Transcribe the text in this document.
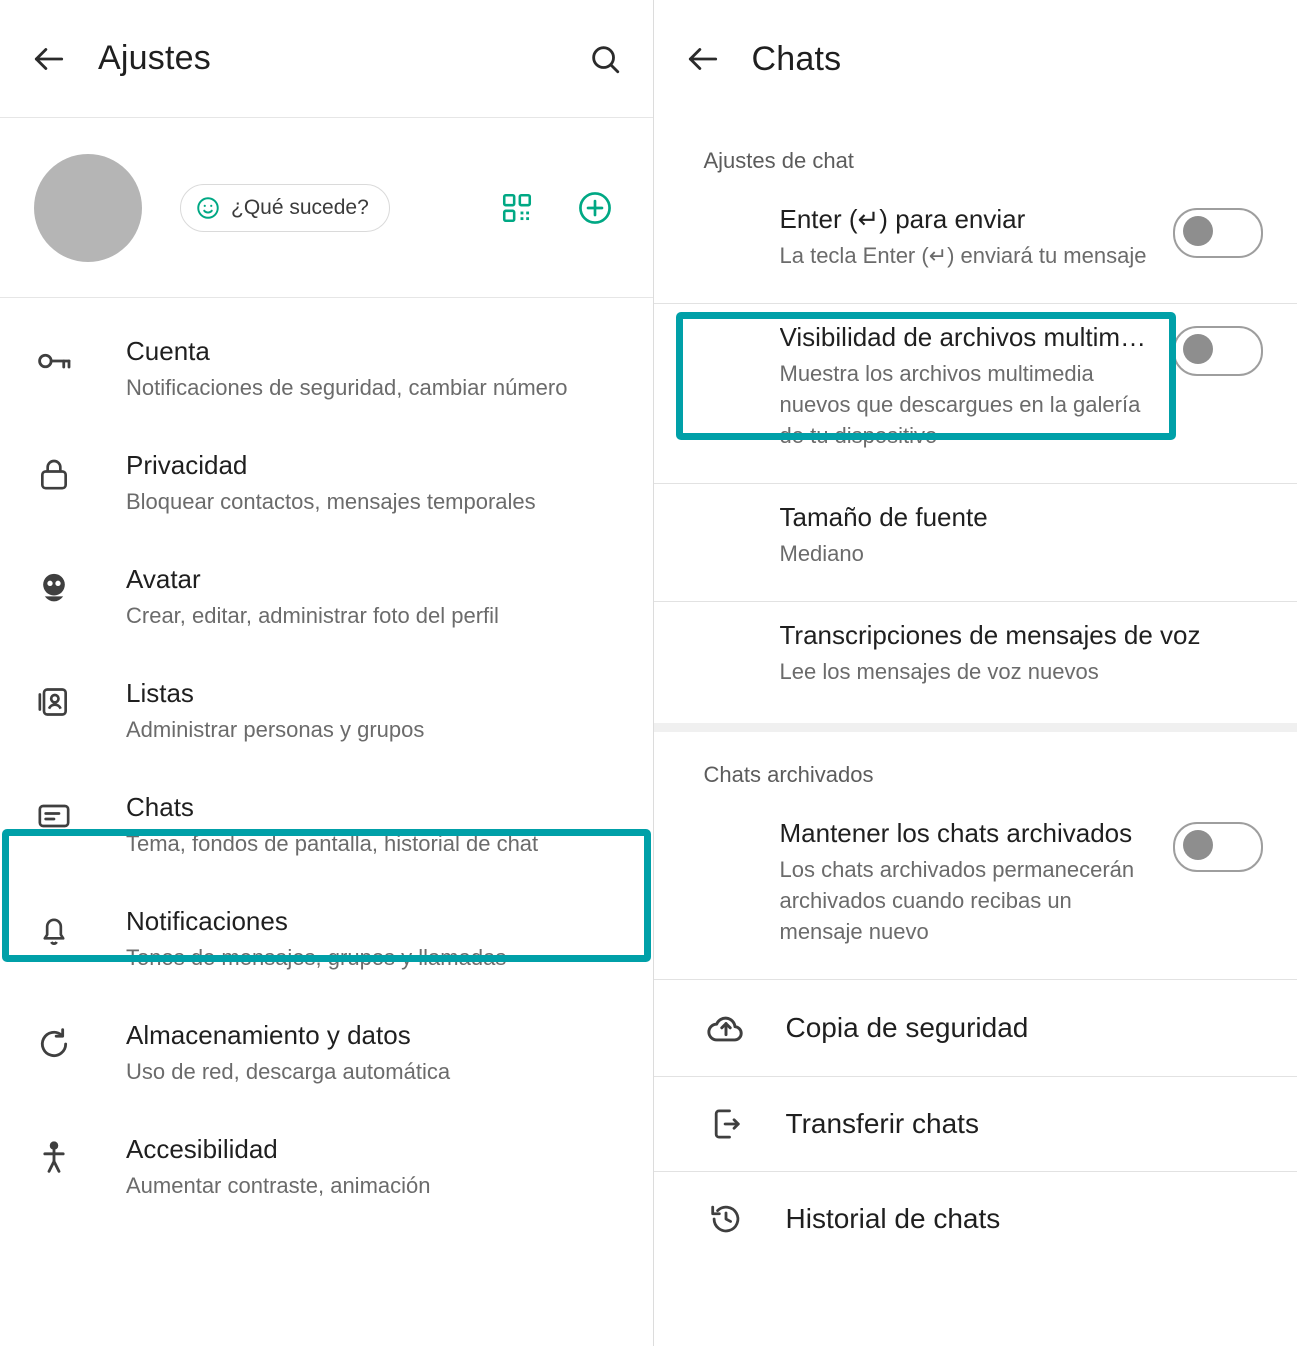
Ajustes
¿Qué sucede?
Cuenta
Notificaciones de seguridad, cambiar número
Privacidad
Bloquear contactos, mensajes temporales
Avatar
Crear, editar, administrar foto del perfil
Listas
Administrar personas y grupos
Chats
Tema, fondos de pantalla, historial de chat
Notificaciones
Tonos de mensajes, grupos y llamadas
Almacenamiento y datos
Uso de red, descarga automática
Accesibilidad
Aumentar contraste, animación
Chats
Ajustes de chat
Enter (↵) para enviar
La tecla Enter (↵) enviará tu mensaje
Visibilidad de archivos multim…
Muestra los archivos multimedia nuevos que descargues en la galería de tu dispositivo
Tamaño de fuente
Mediano
Transcripciones de mensajes de voz
Lee los mensajes de voz nuevos
Chats archivados
Mantener los chats archivados
Los chats archivados permanecerán archivados cuando recibas un mensaje nuevo
Copia de seguridad
Transferir chats
Historial de chats
